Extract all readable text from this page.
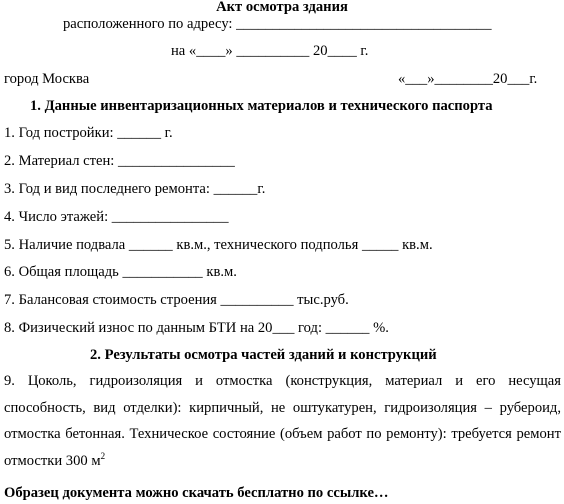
Акт осмотра здания
расположенного по адресу: ___________________________________
на «____» __________ 20____ г.
город Москва	«___»________20___г.
1. Данные инвентаризационных материалов и технического паспорта
1. Год постройки: ______ г.
2. Материал стен: ________________
3. Год и вид последнего ремонта: ______г.
4. Число этажей: ________________
5. Наличие подвала ______ кв.м., технического подполья _____ кв.м.
6. Общая площадь ___________ кв.м.
7. Балансовая стоимость строения __________ тыс.руб.
8. Физический износ по данным БТИ на 20___ год: ______ %.
2. Результаты осмотра частей зданий и конструкций
9. Цоколь, гидроизоляция и отмостка (конструкция, материал и его несущая способность, вид отделки): кирпичный, не оштукатурен, гидроизоляция – рубероид, отмостка бетонная. Техническое состояние (объем работ по ремонту): требуется ремонт отмостки 300 $м^2$
Образец документа можно скачать бесплатно по ссылке…
